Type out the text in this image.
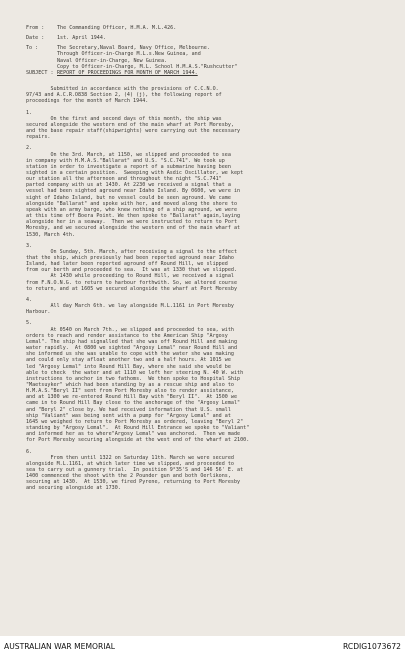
From :	The Commanding Officer, H.M.A. M.L.426.
Date :	1st. April 1944.
To :	The Secretary,Naval Board, Navy Office, Melbourne.
Through Officer-in-Charge M.L.s.New Guinea, and
Naval Officer-in-Charge, New Guinea.
Copy to Officer-in-Charge, M.L. School H.M.A.S."Rushcutter"
SUBJECT : REPORT OF PROCEEDINGS FOR MONTH OF MARCH 1944.
Submitted in accordance with the provisions of C.C.N.O.
97/43 and A.C.R.O838 Section 2, (4) (j), the following report of
proceedings for the month of March 1944.
1.
On the first and second days of this month, the ship was
secured alongside the western end of the main wharf at Port Moresby,
and the base repair staff(shipwrights) were carrying out the necessary
repairs.
2.
On the 3rd. March, at 1150, we slipped and proceeded to sea
in company with H.M.A.S."Ballarat" and U.S. "S.C.741". We took up
station in order to investigate a report of a submarine having been
sighted in a certain position.  Sweeping with Asdic Oscillator, we kept
our station all the afternoon and throughout the night "S.C.741"
parted company with us at 1430. At 2230 we received a signal that a
vessel had been sighted aground near Idaho Island. By 0600, we were in
sight of Idaho Island, but no vessel could be seen aground. We came
alongside "Ballarat" and spoke with her, and moved along the shore to
speak with an army barge, who knew nothing of a ship aground, we were
at this time off Boera Point. We then spoke to "Ballarat" again,laying
alongside her in a seaway.  Then we were instructed to return to Port
Moresby, and we secured alongside the western end of the main wharf at
1530, March 4th.
3.
On Sunday, 5th. March, after receiving a signal to the effect
that the ship, which previously had been reported aground near Idaho
Island, had later been reported aground off Round Hill, we slipped
from our berth and proceeded to sea.  It was at 1330 that we slipped.
At 1430 while proceeding to Round Hill, we received a signal
from F.N.O.N.G. to return to harbour forthwith. So, we altered course
to return, and at 1605 we secured alongside the wharf at Port Moresby
4.
All day March 6th. we lay alongside M.L.1161 in Port Moresby
Harbour.
5.
At 0540 on March 7th., we slipped and proceeded to sea, with
orders to reach and render assistance to the American Ship "Argosy
Lemal". The ship had signalled that she was off Round Hill and making
water rapidly.  At 0800 we sighted "Argosy Lemal" near Round Hill and
she informed us she was unable to cope with the water she was making
and could only stay afloat another two and a half hours. At 1015 we
led "Argosy Lemal" into Round Hill Bay, where she said she would be
able to check  the water and at 1110 we left her steering N. 40 W. with
instructions to anchor in two fathoms.  We then spoke to Hospital Ship
"Maetsuyker" which had been standing by as a rescue ship and also to
H.M.A.S."Beryl II" sent from Port Moresby also to render assistance,
and at 1300 we re-entered Round Hill Bay with "Beryl II".  At 1500 we
came in to Round Hill Bay close to the anchorage of the "Argosy Lemal"
and "Beryl 2" close by. We had received information that U.S. small
ship "Valiant" was being sent with a pump for "Argosy Lemal" and at
1645 we weighed to return to Port Moresby as ordered, leaving "Beryl 2"
standing by "Argosy Lemal".  At Round Hill Entrance we spoke to "Valiant"
and informed her as to where"Argosy Lemal" was anchored.  Then we made
for Port Moresby securing alongside at the west end of the wharf at 2100.
6.
From then until 1322 on Saturday 11th. March we were secured
alongside M.L.1161, at which later time we slipped, and proceeded to
sea to carry out a gunnery trial.  In position 9°35'S and 146 56' E. at
1400 commenced the shoot with the 2 Pounder gun and both Oerlikons,
securing at 1430.  At 1530, we fired Pyrene, returning to Port Moresby
and securing alongside at 1730.
AUSTRALIAN WAR MEMORIAL	RCDIG1073672
